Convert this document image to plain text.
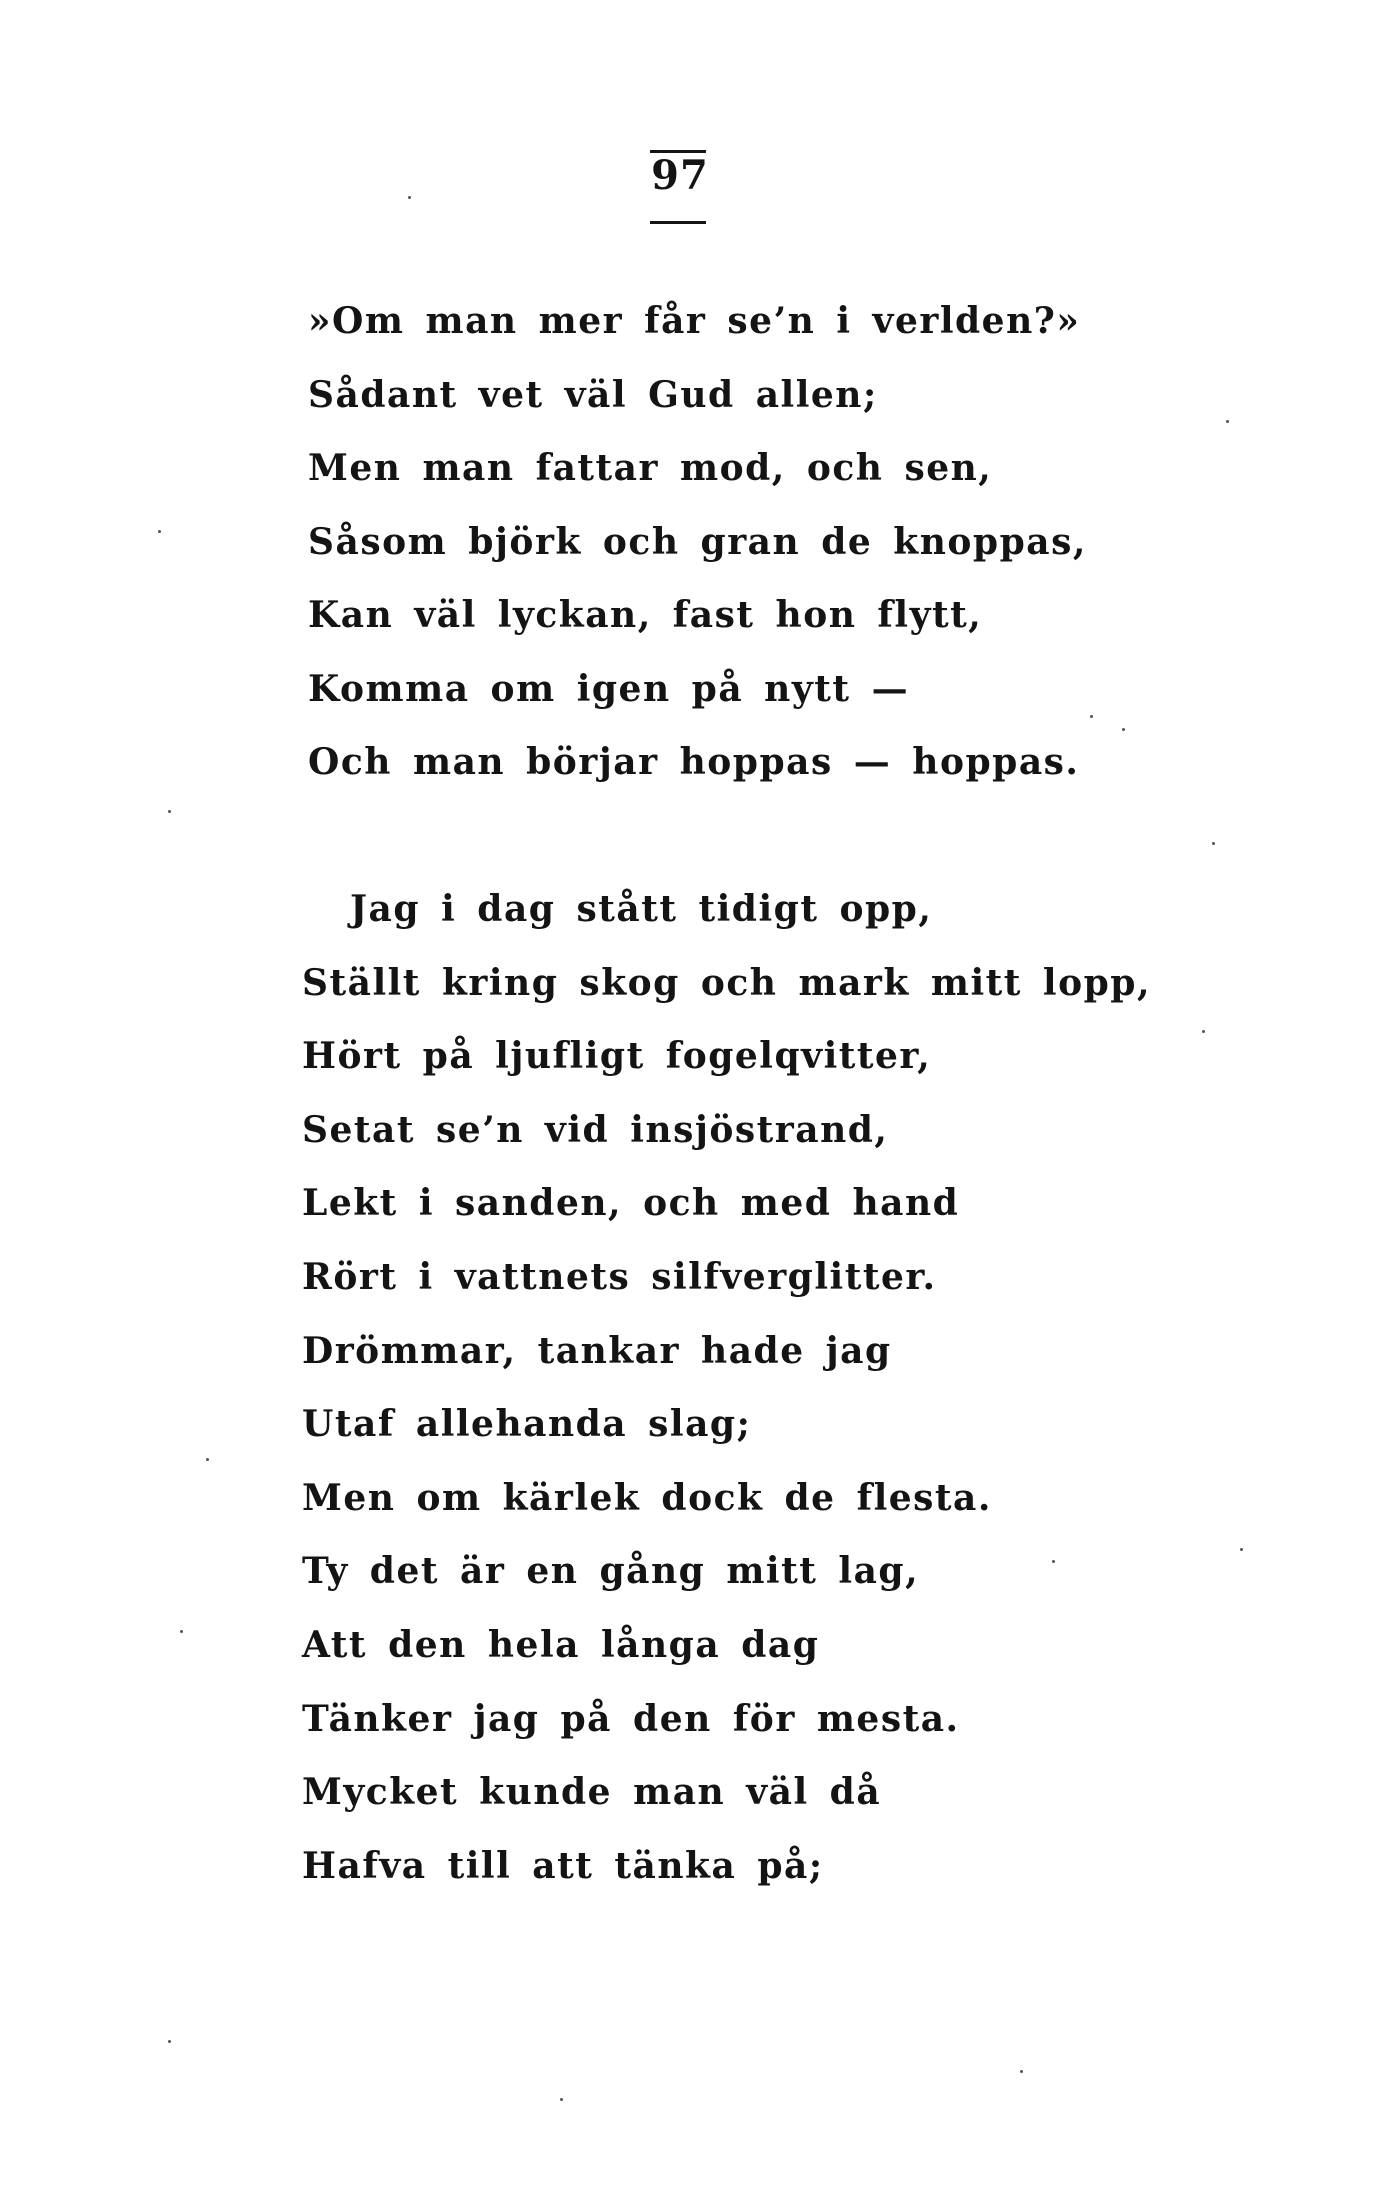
97
»Om man mer får se’n i verlden?»
Sådant vet väl Gud allen;
Men man fattar mod, och sen,
Såsom björk och gran de knoppas,
Kan väl lyckan, fast hon flytt,
Komma om igen på nytt —
Och man börjar hoppas — hoppas.
Jag i dag stått tidigt opp,
Ställt kring skog och mark mitt lopp,
Hört på ljufligt fogelqvitter,
Setat se’n vid insjöstrand,
Lekt i sanden, och med hand
Rört i vattnets silfverglitter.
Drömmar, tankar hade jag
Utaf allehanda slag;
Men om kärlek dock de flesta.
Ty det är en gång mitt lag,
Att den hela långa dag
Tänker jag på den för mesta.
Mycket kunde man väl då
Hafva till att tänka på;
